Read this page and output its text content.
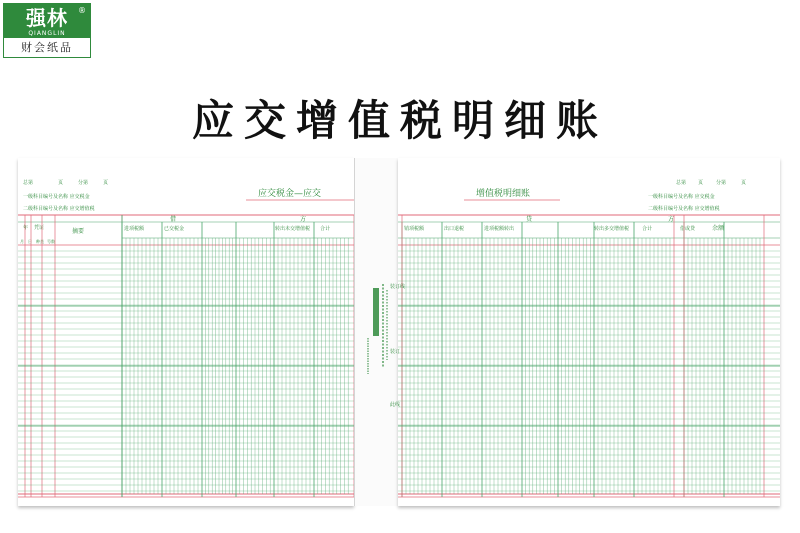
强林	®
QIANGLIN
财会纸品
应交增值税明细账
总第	页	分第	页
一级科目编号及名称 应交税金
二级科目编号及名称 应交增值税
应交税金—应交
年 凭证	摘要
借	方
月 日 种类 号数
进项税额	已交税金	转出未交增值税 合计
总第 页	分第	页
一级科目编号及名称 应交税金
二级科目编号及名称 应交增值税
增值税明细账
贷	方
销项税额	出口退税	进项税额转出	转出多交增值税	合计	借或贷	余额
装订线
装订
此线
